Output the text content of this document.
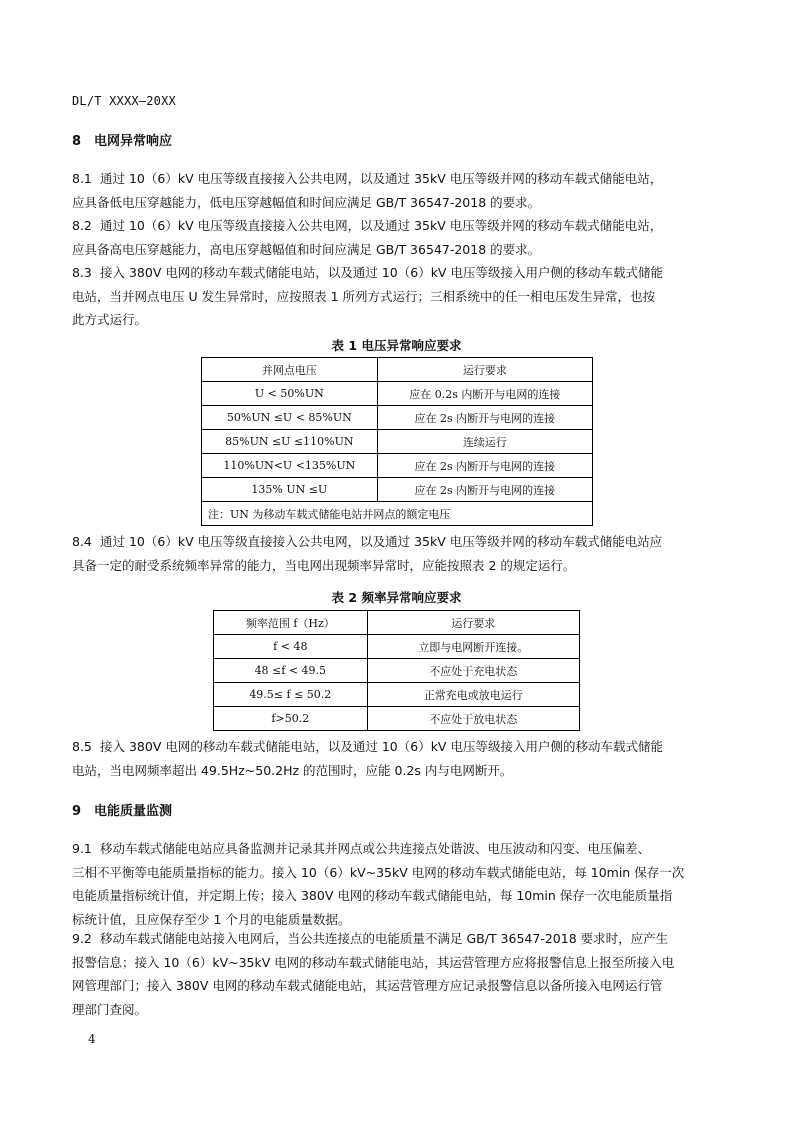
DL/T XXXX—20XX
8 电网异常响应
8.1 通过 10（6）kV 电压等级直接接入公共电网，以及通过 35kV 电压等级并网的移动车载式储能电站，
应具备低电压穿越能力，低电压穿越幅值和时间应满足 GB/T 36547-2018 的要求。
8.2 通过 10（6）kV 电压等级直接接入公共电网，以及通过 35kV 电压等级并网的移动车载式储能电站，
应具备高电压穿越能力，高电压穿越幅值和时间应满足 GB/T 36547-2018 的要求。
8.3 接入 380V 电网的移动车载式储能电站，以及通过 10（6）kV 电压等级接入用户侧的移动车载式储能
电站，当并网点电压 U 发生异常时，应按照表 1 所列方式运行；三相系统中的任一相电压发生异常，也按
此方式运行。
表 1 电压异常响应要求
并网点电压	运行要求
U < 50%UN	应在 0.2s 内断开与电网的连接
50%UN ≤U < 85%UN	应在 2s 内断开与电网的连接
85%UN ≤U ≤110%UN	连续运行
110%UN<U <135%UN	应在 2s 内断开与电网的连接
135% UN ≤U	应在 2s 内断开与电网的连接
注：UN 为移动车载式储能电站并网点的额定电压	
8.4 通过 10（6）kV 电压等级直接接入公共电网，以及通过 35kV 电压等级并网的移动车载式储能电站应
具备一定的耐受系统频率异常的能力，当电网出现频率异常时，应能按照表 2 的规定运行。
表 2 频率异常响应要求
频率范围 f（Hz）	运行要求
f < 48	立即与电网断开连接。
48 ≤f < 49.5	不应处于充电状态
49.5≤ f ≤ 50.2	正常充电或放电运行
f>50.2	不应处于放电状态
8.5 接入 380V 电网的移动车载式储能电站，以及通过 10（6）kV 电压等级接入用户侧的移动车载式储能
电站，当电网频率超出 49.5Hz~50.2Hz 的范围时，应能 0.2s 内与电网断开。
9 电能质量监测
9.1 移动车载式储能电站应具备监测并记录其并网点或公共连接点处谐波、电压波动和闪变、电压偏差、
三相不平衡等电能质量指标的能力。接入 10（6）kV~35kV 电网的移动车载式储能电站，每 10min 保存一次
电能质量指标统计值，并定期上传；接入 380V 电网的移动车载式储能电站，每 10min 保存一次电能质量指
标统计值，且应保存至少 1 个月的电能质量数据。
9.2 移动车载式储能电站接入电网后，当公共连接点的电能质量不满足 GB/T 36547-2018 要求时，应产生
报警信息；接入 10（6）kV~35kV 电网的移动车载式储能电站，其运营管理方应将报警信息上报至所接入电
网管理部门；接入 380V 电网的移动车载式储能电站，其运营管理方应记录报警信息以备所接入电网运行管
理部门查阅。
4
